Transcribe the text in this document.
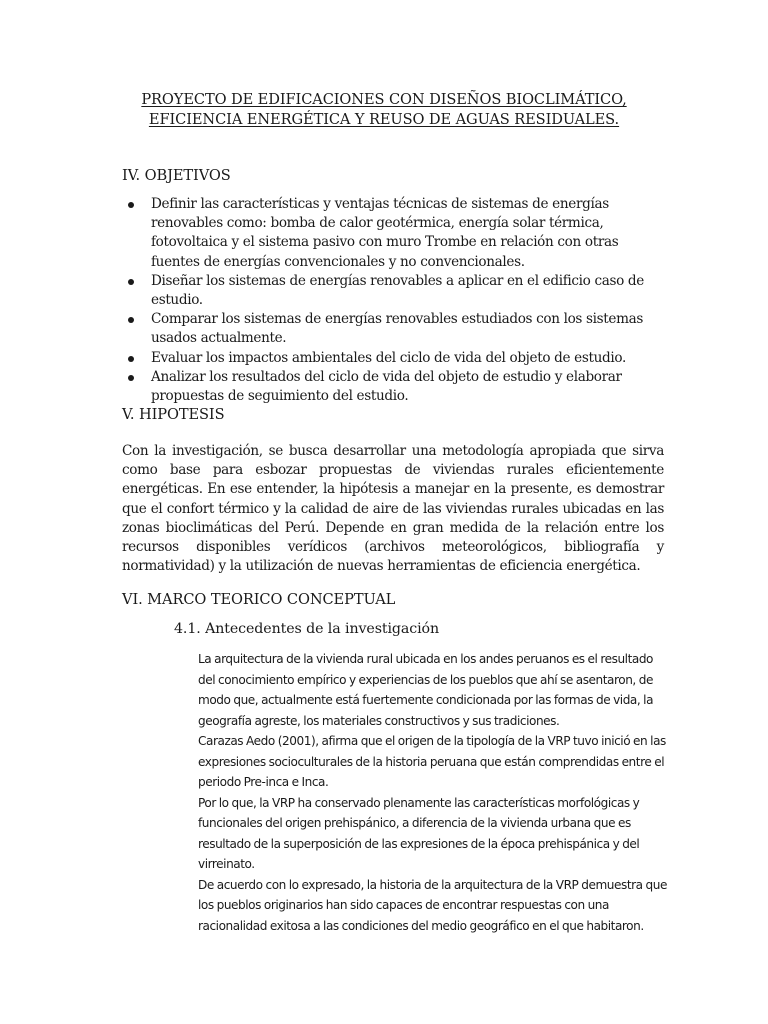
PROYECTO DE EDIFICACIONES CON DISEÑOS BIOCLIMÁTICO,
EFICIENCIA ENERGÉTICA Y REUSO DE AGUAS RESIDUALES.
IV. OBJETIVOS
Definir las características y ventajas técnicas de sistemas de energías renovables como: bomba de calor geotérmica, energía solar térmica, fotovoltaica y el sistema pasivo con muro Trombe en relación con otras fuentes de energías convencionales y no convencionales.
Diseñar los sistemas de energías renovables a aplicar en el edificio caso de estudio.
Comparar los sistemas de energías renovables estudiados con los sistemas usados actualmente.
Evaluar los impactos ambientales del ciclo de vida del objeto de estudio.
Analizar los resultados del ciclo de vida del objeto de estudio y elaborar propuestas de seguimiento del estudio.
V. HIPOTESIS

Con la investigación, se busca desarrollar una metodología apropiada que sirva como base para esbozar propuestas de viviendas rurales eficientemente energéticas. En ese entender, la hipótesis a manejar en la presente, es demostrar que el confort térmico y la calidad de aire de las viviendas rurales ubicadas en las zonas bioclimáticas del Perú. Depende en gran medida de la relación entre los recursos disponibles verídicos (archivos meteorológicos, bibliografía y normatividad) y la utilización de nuevas herramientas de eficiencia energética.

VI. MARCO TEORICO CONCEPTUAL
4.1. Antecedentes de la investigación

La arquitectura de la vivienda rural ubicada en los andes peruanos es el resultado del conocimiento empírico y experiencias de los pueblos que ahí se asentaron, de modo que, actualmente está fuertemente condicionada por las formas de vida, la geografía agreste, los materiales constructivos y sus tradiciones.

Carazas Aedo (2001), afirma que el origen de la tipología de la VRP tuvo inició en las expresiones socioculturales de la historia peruana que están comprendidas entre el periodo Pre-inca e Inca.

Por lo que, la VRP ha conservado plenamente las características morfológicas y funcionales del origen prehispánico, a diferencia de la vivienda urbana que es resultado de la superposición de las expresiones de la época prehispánica y del virreinato.

De acuerdo con lo expresado, la historia de la arquitectura de la VRP demuestra que los pueblos originarios han sido capaces de encontrar respuestas con una racionalidad exitosa a las condiciones del medio geográfico en el que habitaron.
